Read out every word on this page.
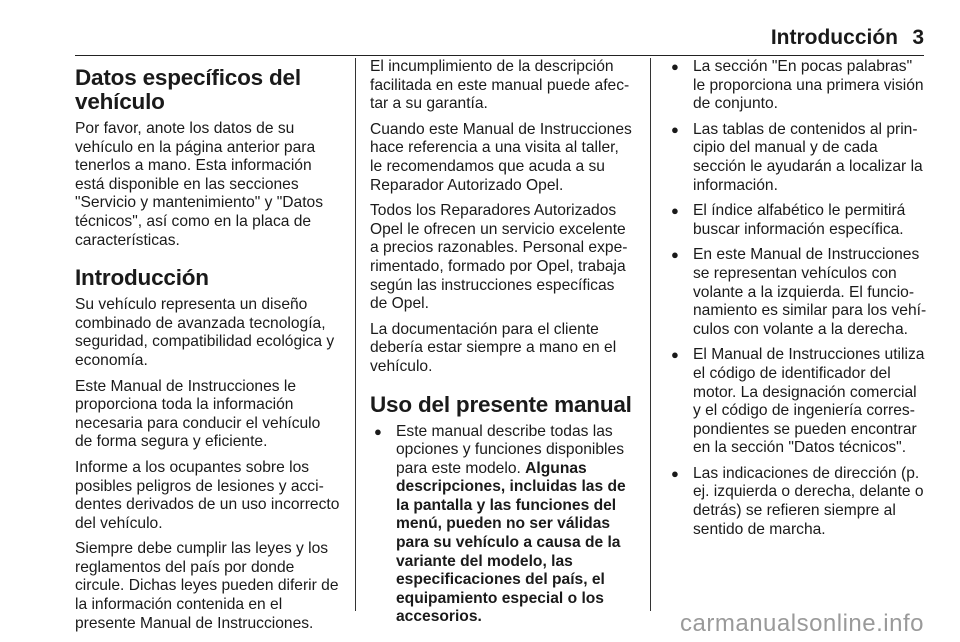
Introducción 3
Datos específicos del vehículo

Por favor, anote los datos de su vehículo en la página anterior para tenerlos a mano. Esta información está disponible en las secciones "Servicio y mantenimiento" y "Datos técnicos", así como en la placa de características.

Introducción

Su vehículo representa un diseño combinado de avanzada tecnología, seguridad, compatibilidad ecológica y economía.

Este Manual de Instrucciones le proporciona toda la información necesaria para conducir el vehículo de forma segura y eficiente.

Informe a los ocupantes sobre los posibles peligros de lesiones y accidentes derivados de un uso incorrecto del vehículo.

Siempre debe cumplir las leyes y los reglamentos del país por donde circule. Dichas leyes pueden diferir de la información contenida en el presente Manual de Instrucciones.

El incumplimiento de la descripción facilitada en este manual puede afectar a su garantía.

Cuando este Manual de Instrucciones hace referencia a una visita al taller, le recomendamos que acuda a su Reparador Autorizado Opel.

Todos los Reparadores Autorizados Opel le ofrecen un servicio excelente a precios razonables. Personal experimentado, formado por Opel, trabaja según las instrucciones específicas de Opel.

La documentación para el cliente debería estar siempre a mano en el vehículo.

Uso del presente manual
● Este manual describe todas las opciones y funciones disponibles para este modelo. Algunas descripciones, incluidas las de la pantalla y las funciones del menú, pueden no ser válidas para su vehículo a causa de la variante del modelo, las especificaciones del país, el equipamiento especial o los accesorios.
● La sección "En pocas palabras" le proporciona una primera visión de conjunto.
● Las tablas de contenidos al principio del manual y de cada sección le ayudarán a localizar la información.
● El índice alfabético le permitirá buscar información específica.
● En este Manual de Instrucciones se representan vehículos con volante a la izquierda. El funcionamiento es similar para los vehículos con volante a la derecha.
● El Manual de Instrucciones utiliza el código de identificador del motor. La designación comercial y el código de ingeniería correspondientes se pueden encontrar en la sección "Datos técnicos".
● Las indicaciones de dirección (p. ej. izquierda o derecha, delante o detrás) se refieren siempre al sentido de marcha.
carmanualsonline.info
